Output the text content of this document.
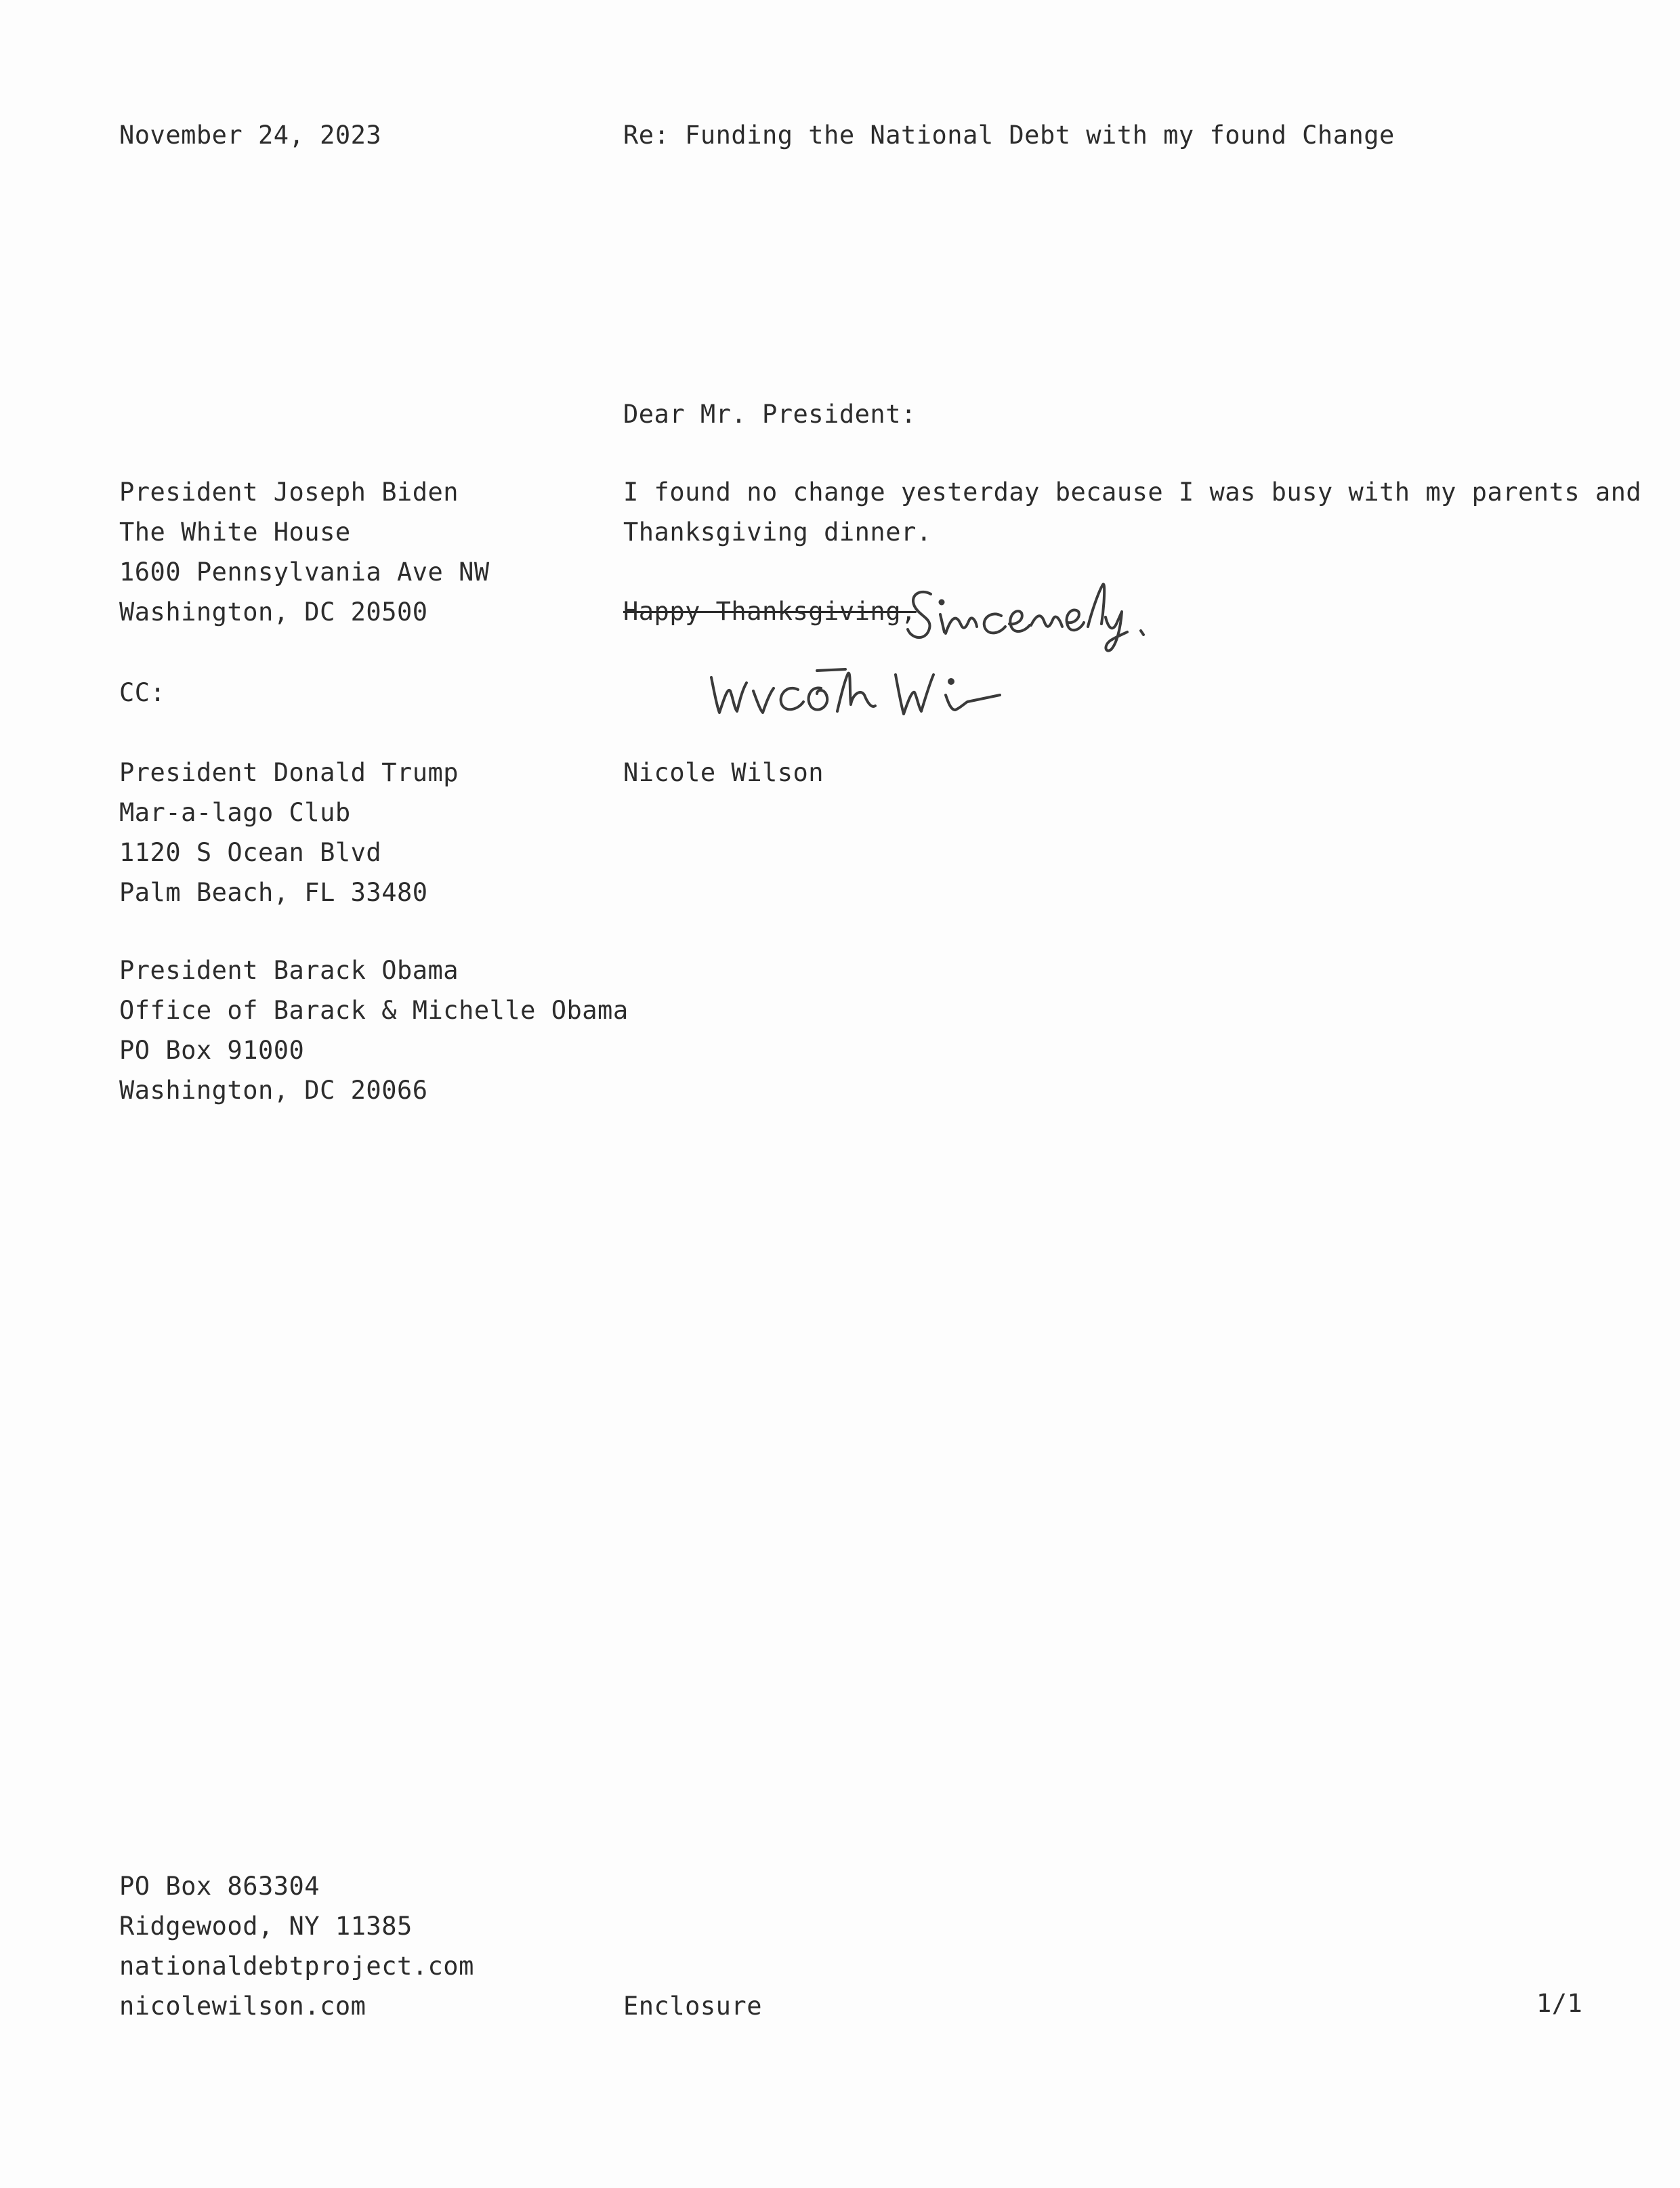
November 24, 2023	Re: Funding the National Debt with my found Change
Dear Mr. President:
I found no change yesterday because I was busy with my parents and
Thanksgiving dinner.
Happy Thanksgiving,
Nicole Wilson
President Joseph Biden
The White House
1600 Pennsylvania Ave NW
Washington, DC 20500
CC:
President Donald Trump
Mar-a-lago Club
1120 S Ocean Blvd
Palm Beach, FL 33480
President Barack Obama
Office of Barack & Michelle Obama
PO Box 91000
Washington, DC 20066
PO Box 863304
Ridgewood, NY 11385
nationaldebtproject.com
nicolewilson.com	Enclosure	1/1
